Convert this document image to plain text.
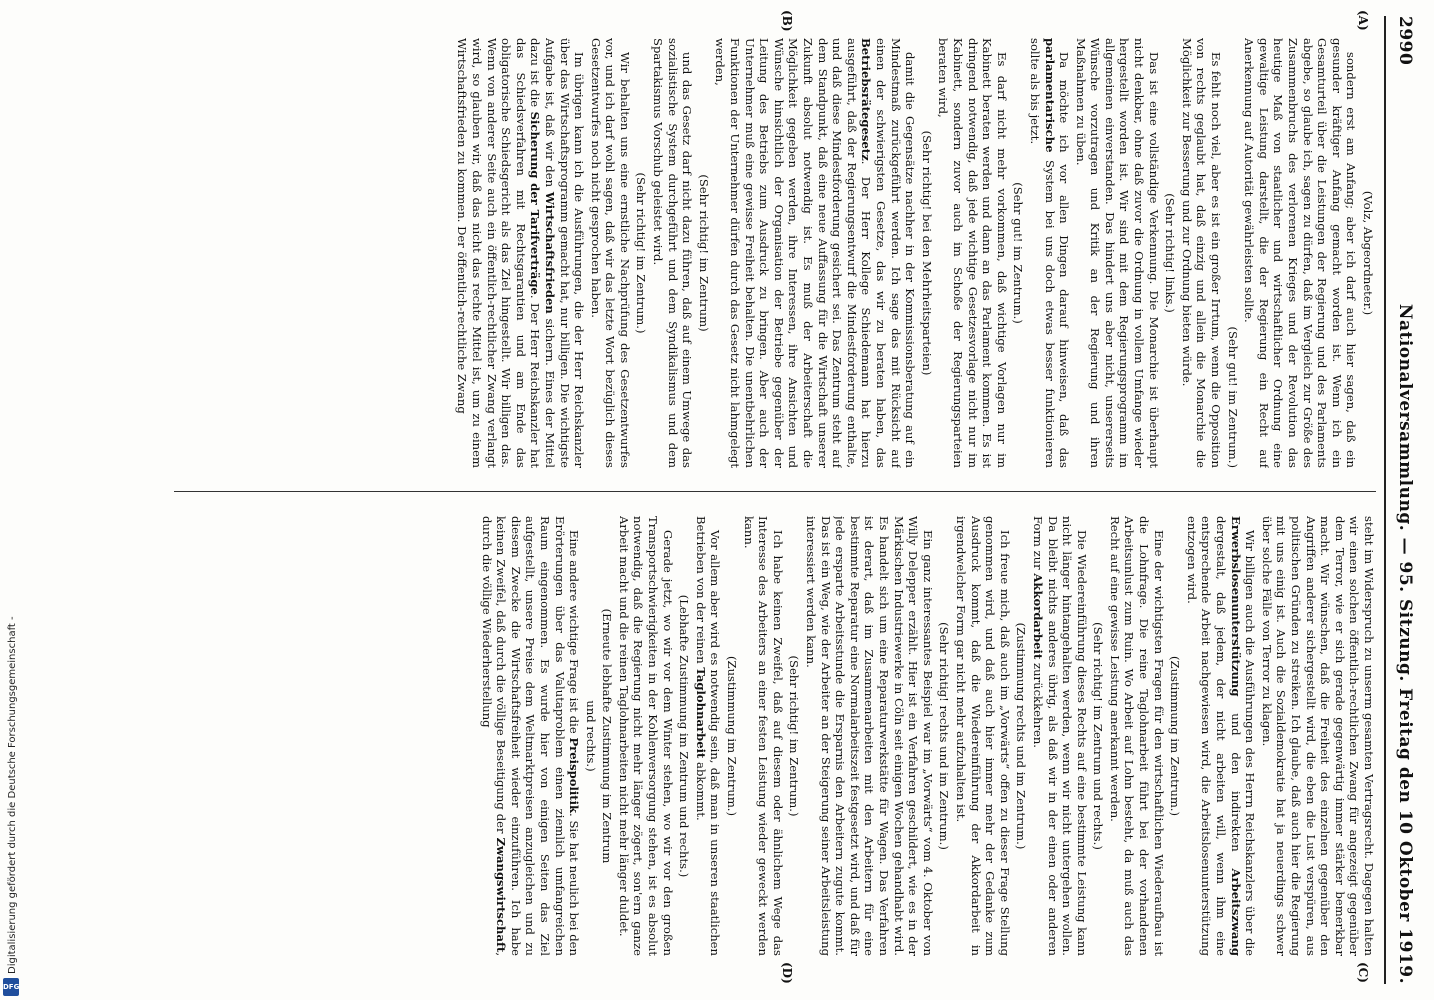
2990
Nationalversammlung. — 95. Sitzung. Freitag den 10 Oktober 1919.
(A)
(B)
(C)
(D)

(Volz, Abgeordneter.)

sondern erst am Anfang; aber ich darf auch hier sagen, daß ein gesunder kräftiger Anfang gemacht worden ist. Wenn ich ein Gesamturteil über die Leistungen der Regierung und des Parlaments abgebe, so glaube ich, sagen zu dürfen, daß im Vergleich zur Größe des Zusammenbruchs des verlorenen Krieges und der Revolution das heutige Maß von staatlicher und wirtschaftlicher Ordnung eine gewaltige Leistung darstellt, die der Regierung ein Recht auf Anerkennung auf Autorität gewährleisten sollte.

(Sehr gut! im Zentrum.)

Es fehlt noch viel, aber es ist ein großer Irrtum, wenn die Opposition von rechts geglaubt hat, daß einzig und allein die Monarchie die Möglichkeit zur Besserung und zur Ordnung bieten würde.

(Sehr richtig! links.)

Das ist eine vollständige Verkennung. Die Monarchie ist überhaupt nicht denkbar, ohne daß zuvor die Ordnung in vollem Umfange wieder hergestellt worden ist. Wir sind mit dem Regierungsprogramm im allgemeinen einverstanden. Das hindert uns aber nicht, unsererseits Wünsche vorzutragen und Kritik an der Regierung und ihren Maßnahmen zu üben.

Da möchte ich vor allen Dingen darauf hinweisen, daß das parlamentarische System bei uns doch etwas besser funktionieren sollte als bis jetzt.

(Sehr gut! im Zentrum.)

Es darf nicht mehr vorkommen, daß wichtige Vorlagen nur im Kabinett beraten werden und dann an das Parlament kommen. Es ist dringend notwendig, daß jede wichtige Gesetzesvorlage nicht nur im Kabinett, sondern zuvor auch im Schoße der Regierungsparteien beraten wird,

(Sehr richtig! bei den Mehrheitsparteien)

damit die Gegensätze nachher in der Kommissionsberatung auf ein Mindestmaß zurückgeführt werden. Ich sage das mit Rücksicht auf einen der schwierigsten Gesetze, das wir zu beraten haben, das Betriebsrätegesetz. Der Herr Kollege Schiedemann hat hierzu ausgeführt, daß der Regierungsentwurf die Mindestforderung enthalte, und daß diese Mindestforderung gesichert sei. Das Zentrum steht auf dem Standpunkt, daß eine neue Auffassung für die Wirtschaft unserer Zukunft absolut notwendig ist. Es muß der Arbeiterschaft die Möglichkeit gegeben werden, ihre Interessen, ihre Ansichten und Wünsche hinsichtlich der Organisation der Betriebe gegenüber der Leitung des Betriebs zum Ausdruck zu bringen. Aber auch der Unternehmer muß eine gewisse Freiheit behalten. Die unentbehrlichen Funktionen der Unternehmer dürfen durch das Gesetz nicht lahmgelegt werden,

(Sehr richtig! im Zentrum)

und das Gesetz darf nicht dazu führen, daß auf einem Umwege das sozialistische System durchgeführt und dem Syndikalismus und dem Spartakismus Vorschub geleistet wird.

(Sehr richtig! im Zentrum.)

Wir behalten uns eine ernstliche Nachprüfung des Gesetzentwurfes vor, und ich darf wohl sagen, daß wir das letzte Wort bezüglich dieses Gesetzentwurfes noch nicht gesprochen haben.

Im übrigen kann ich die Ausführungen, die der Herr Reichskanzler über das Wirtschaftsprogramm gemacht hat, nur billigen. Die wichtigste Aufgabe ist, daß wir den Wirtschaftsfrieden sichern. Eines der Mittel dazu ist die Sicherung der Tarifverträge. Der Herr Reichskanzler hat das Schiedsverfahren mit Rechtsgarantien und am Ende das obligatorische Schiedsgericht als das Ziel hingestellt. Wir billigen das. Wenn von anderer Seite auch ein öffentlich-rechtlicher Zwang verlangt wird, so glauben wir, daß das nicht das rechte Mittel ist, um zu einem Wirtschaftsfrieden zu kommen. Der öffentlich-rechtliche Zwang

steht im Widerspruch zu unserm gesamten Vertragsrecht. Dagegen halten wir einen solchen öffentlich-rechtlichen Zwang für angezeigt gegenüber dem Terror, wie er sich gerade gegenwärtig immer stärker bemerkbar macht. Wir wünschen, daß die Freiheit des einzelnen gegenüber den Angriffen anderer sichergestellt wird, die eben die Lust verspüren, aus politischen Gründen zu streiken. Ich glaube, daß auch hier die Regierung mit uns einig ist. Auch die Sozialdemokratie hat ja neuerdings schwer über solche Fälle von Terror zu klagen.

Wir billigen auch die Ausführungen des Herrn Reichskanzlers über die Erwerbslosenunterstützung und den indirekten Arbeitszwang dergestalt, daß jedem, der nicht arbeiten will, wenn ihm eine entsprechende Arbeit nachgewiesen wird, die Arbeitslosenunterstützung entzogen wird.

(Zustimmung im Zentrum.)

Eine der wichtigsten Fragen für den wirtschaftlichen Wiederaufbau ist die Lohnfrage. Die reine Taglohnarbeit führt bei der vorhandenen Arbeitsunlust zum Ruin. Wo Arbeit auf Lohn besteht, da muß auch das Recht auf eine gewisse Leistung anerkannt werden.

(Sehr richtig! im Zentrum und rechts.)

Die Wiedereinführung dieses Rechts auf eine bestimmte Leistung kann nicht länger hintangehalten werden, wenn wir nicht untergehen wollen. Da bleibt nichts anderes übrig, als daß wir in der einen oder anderen Form zur Akkordarbeit zurückkehren.

(Zustimmung rechts und im Zentrum.)

Ich freue mich, daß auch im „Vorwärts“ offen zu dieser Frage Stellung genommen wird, und daß auch hier immer mehr der Gedanke zum Ausdruck kommt, daß die Wiedereinführung der Akkordarbeit in irgendwelcher Form gar nicht mehr aufzuhalten ist.

(Sehr richtig! rechts und im Zentrum.)

Ein ganz interessantes Beispiel war im „Vorwärts“ vom 4. Oktober von Willy Delepper erzählt. Hier ist ein Verfahren geschildert, wie es in der Märkischen Industriewerke in Cöln seit einigen Wochen gehandhabt wird. Es handelt sich um eine Reparaturwerkstätte für Wagen. Das Verfahren ist derart, daß im Zusammenarbeiten mit den Arbeitern für eine bestimmte Reparatur eine Normalarbeitszeit festgesetzt wird, und daß für jede ersparte Arbeitsstunde die Ersparnis den Arbeitern zugute kommt. Das ist ein Weg, wie der Arbeiter an der Steigerung seiner Arbeitsleistung interessiert werden kann.

(Sehr richtig! im Zentrum.)

Ich habe keinen Zweifel, daß auf diesem oder ähnlichem Wege das Interesse des Arbeiters an einer festen Leistung wieder geweckt werden kann.

(Zustimmung im Zentrum.)

Vor allem aber wird es notwendig sein, daß man in unseren staatlichen Betrieben von der reinen Taglohnarbeit abkommt.

(Lebhafte Zustimmung im Zentrum und rechts.)

Gerade jetzt, wo wir vor dem Winter stehen, wo wir vor den großen Transportschwierigkeiten in der Kohlenversorgung stehen, ist es absolut notwendig, daß die Regierung nicht mehr länger zögert, son'ern ganze Arbeit macht und die reinen Taglohnarbeiten nicht mehr länger duldet.

(Erneute lebhafte Zustimmung im Zentrum

und rechts.)

Eine andere wichtige Frage ist die Preispolitik. Sie hat neulich bei den Erörterungen über das Valutaproblem einen ziemlich umfangreichen Raum eingenommen. Es wurde hier von einigen Seiten das Ziel aufgestellt, unsere Preise dem Weltmarktpreisen anzugleichen und zu diesem Zwecke die Wirtschaftsfreiheit wieder einzuführen. Ich habe keinen Zweifel, daß durch die völlige Beseitigung der Zwangswirtschaft, durch die völlige Wiederherstellung

Digitalisierung gefördert durch die Deutsche Forschungsgemeinschaft -
DFG
